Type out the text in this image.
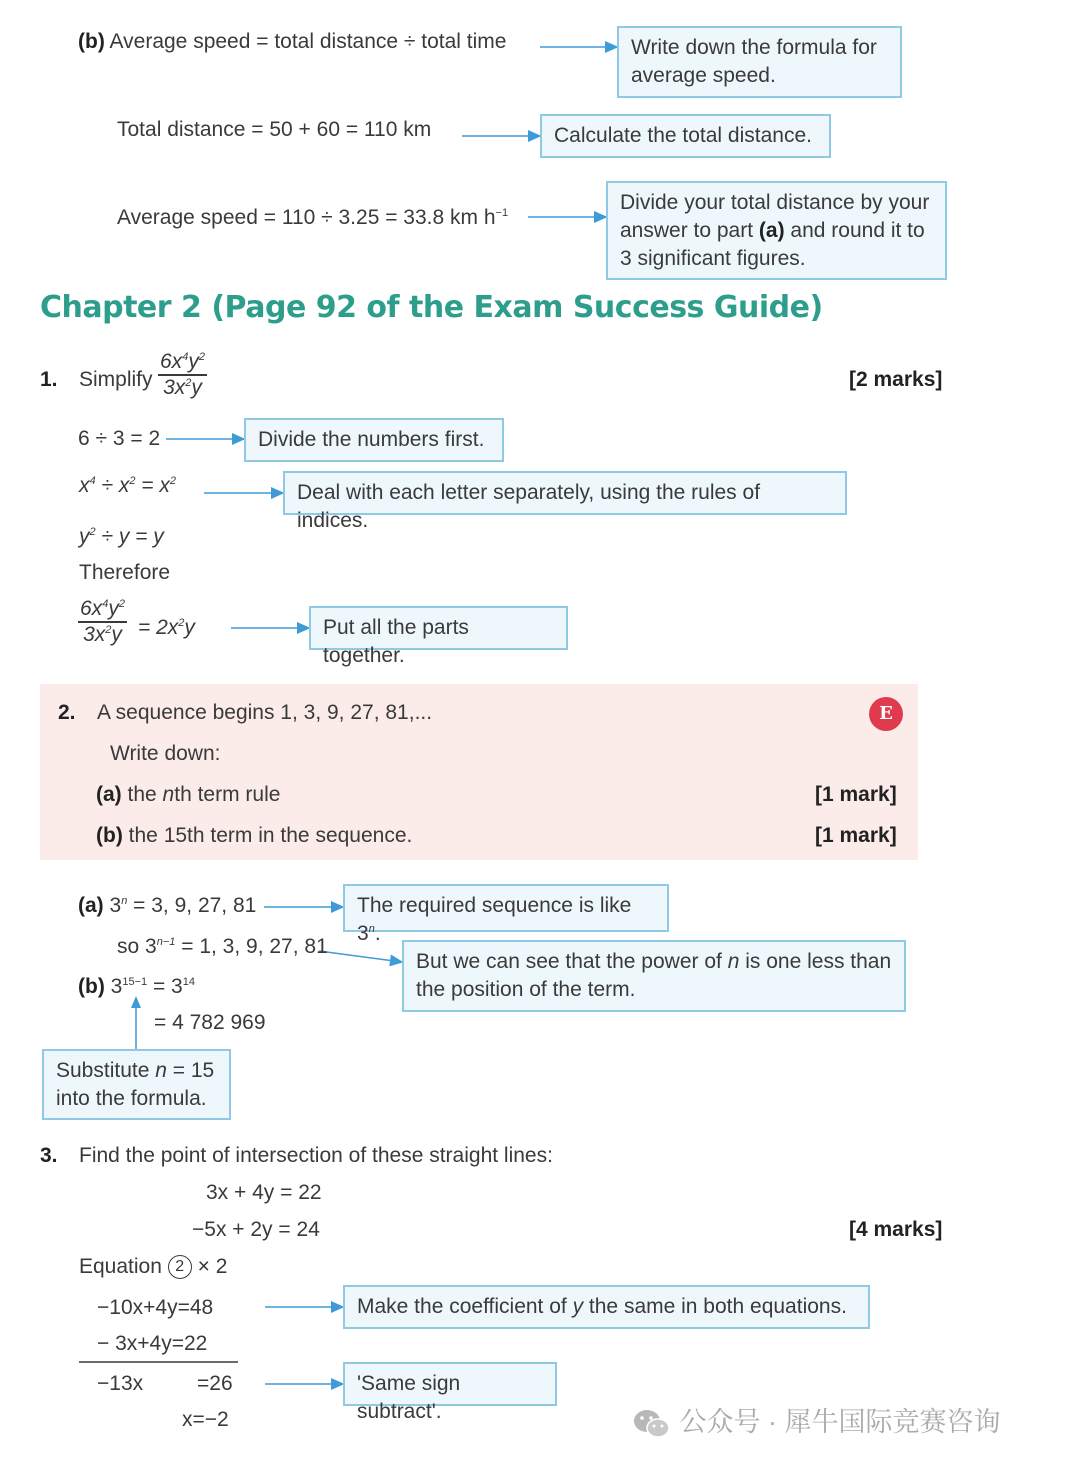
(b) Average speed = total distance ÷ total time	Write down the formula for average speed.
Total distance = 50 + 60 = 110 km	Calculate the total distance.
Average speed = 110 ÷ 3.25 = 33.8 km $h^{-1}$	Divide your total distance by your answer to part (a) and round it to 3 significant figures.
Chapter 2 (Page 92 of the Exam Success Guide)
1. Simplify $\frac{6x^4y^2}{3x^2y}$	[2 marks]
6 ÷ 3 = 2	Divide the numbers first.
$x^4 \div x^2 = x^2$	Deal with each letter separately, using the rules of indices.
$y^2 \div y = y$
Therefore
$\frac{6x^4y^2}{3x^2y} = 2x^2y$	Put all the parts together.
E
2. A sequence begins 1, 3, 9, 27, 81,...
Write down:
(a) the nth term rule	[1 mark]
(b) the 15th term in the sequence.	[1 mark]
(a) $3^n = 3$, 9, 27, 81	The required sequence is like 3$^n$.
so $3^{n-1} = 1$, 3, 9, 27, 81
But we can see that the power of n is one less than the position of the term.
(b) $3^{15-1} = 3^{14}$
= 4 782 969
Substitute n = 15
into the formula.
3. Find the point of intersection of these straight lines:
3x + 4y = 22
−5x + 2y = 24	[4 marks]
Equation 2 × 2
−10x+4y=48	Make the coefficient of y the same in both equations.
− 3x+4y=22
−13x	=26	'Same sign subtract'.
x=−2	公众号 · 犀牛国际竞赛咨询
